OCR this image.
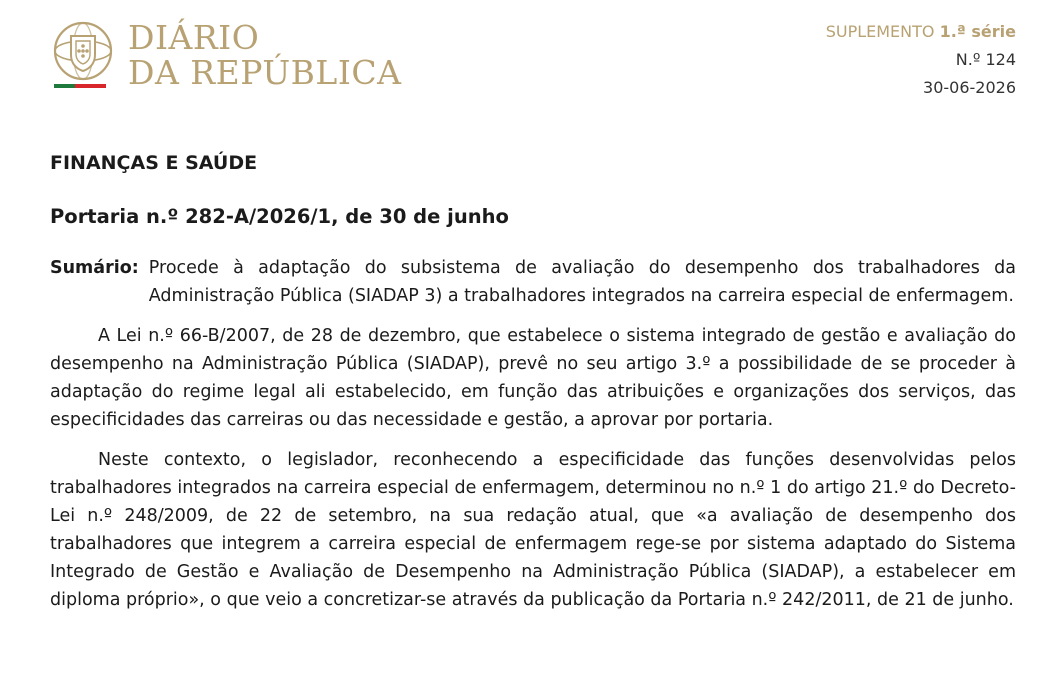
DIÁRIO
DA REPÚBLICA
SUPLEMENTO 1.ª série
N.º 124
30-06-2026
FINANÇAS E SAÚDE
Portaria n.º 282-A/2026/1, de 30 de junho
Sumário: Procede à adaptação do subsistema de avaliação do desempenho dos trabalhadores da Administração Pública (SIADAP 3) a trabalhadores integrados na carreira especial de enfermagem.

A Lei n.º 66-B/2007, de 28 de dezembro, que estabelece o sistema integrado de gestão e avaliação do desempenho na Administração Pública (SIADAP), prevê no seu artigo 3.º a possibilidade de se proceder à adaptação do regime legal ali estabelecido, em função das atribuições e organizações dos serviços, das especificidades das carreiras ou das necessidade e gestão, a aprovar por portaria.

Neste contexto, o legislador, reconhecendo a especificidade das funções desenvolvidas pelos trabalhadores integrados na carreira especial de enfermagem, determinou no n.º 1 do artigo 21.º do Decreto-Lei n.º 248/2009, de 22 de setembro, na sua redação atual, que «a avaliação de desempenho dos trabalhadores que integrem a carreira especial de enfermagem rege-se por sistema adaptado do Sistema Integrado de Gestão e Avaliação de Desempenho na Administração Pública (SIADAP), a estabelecer em diploma próprio», o que veio a concretizar-se através da publicação da Portaria n.º 242/2011, de 21 de junho.
